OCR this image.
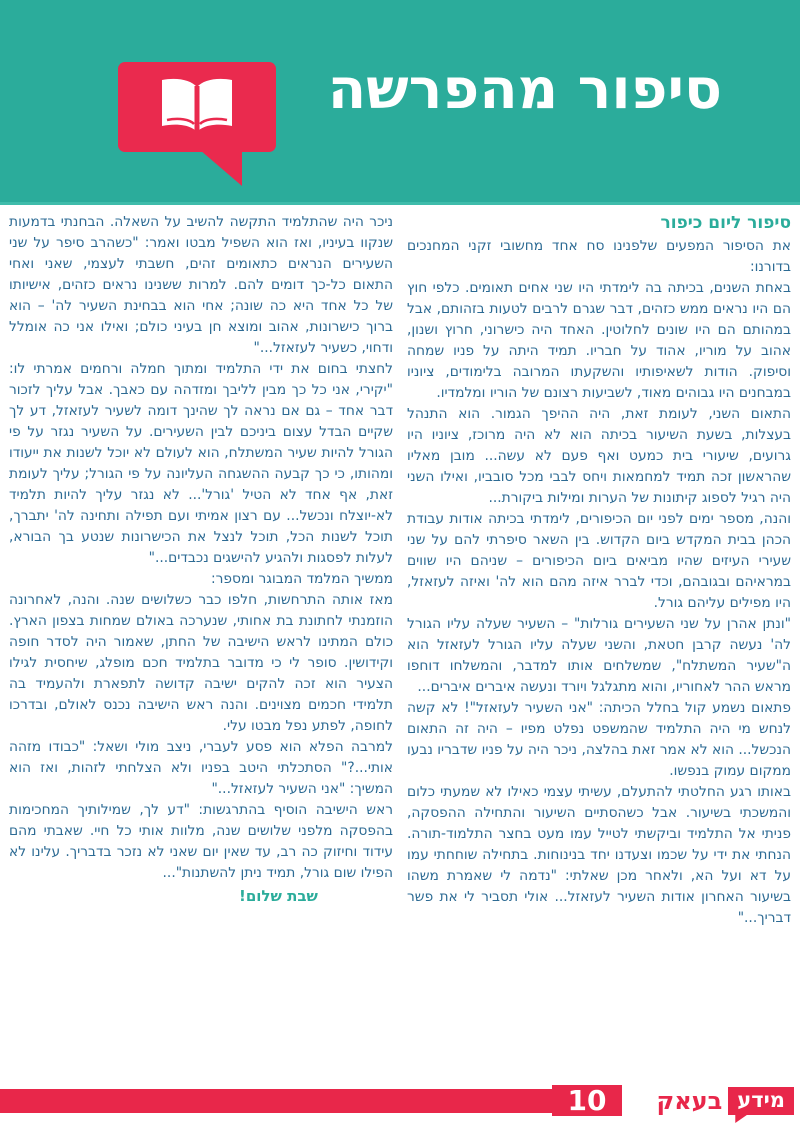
סיפור מהפרשה
סיפור ליום כיפור

את הסיפור המפעים שלפנינו סח אחד מחשובי זקני המחנכים בדורנו:

באחת השנים, בכיתה בה לימדתי היו שני אחים תאומים. כלפי חוץ הם היו נראים ממש כזהים, דבר שגרם לרבים לטעות בזהותם, אבל במהותם הם היו שונים לחלוטין. האחד היה כישרוני, חרוץ ושנון, אהוב על מוריו, אהוד על חבריו. תמיד היתה על פניו שמחה וסיפוק. הודות לשאיפותיו והשקעתו המרובה בלימודים, ציוניו במבחנים היו גבוהים מאוד, לשביעות רצונם של הוריו ומלמדיו.

התאום השני, לעומת זאת, היה ההיפך הגמור. הוא התנהל בעצלות, בשעת השיעור בכיתה הוא לא היה מרוכז, ציוניו היו גרועים, שיעורי בית כמעט ואף פעם לא עשה... מובן מאליו שהראשון זכה תמיד למחמאות ויחס לבבי מכל סובביו, ואילו השני היה רגיל לספוג קיתונות של הערות ומילות ביקורת...

והנה, מספר ימים לפני יום הכיפורים, לימדתי בכיתה אודות עבודת הכהן בבית המקדש ביום הקדוש. בין השאר סיפרתי להם על שני שעירי העיזים שהיו מביאים ביום הכיפורים – שניהם היו שווים במראיהם ובגובהם, וכדי לברר איזה מהם הוא לה' ואיזה לעזאזל, היו מפילים עליהם גורל.

"ונתן אהרן על שני השעירים גורלות" – השעיר שעלה עליו הגורל לה' נעשה קרבן חטאת, והשני שעלה עליו הגורל לעזאזל הוא ה"שעיר המשתלח", שמשלחים אותו למדבר, והמשלחו דוחפו מראש ההר לאחוריו, והוא מתגלגל ויורד ונעשה איברים איברים...

פתאום נשמע קול בחלל הכיתה: "אני השעיר לעזאזל"! לא קשה לנחש מי היה התלמיד שהמשפט נפלט מפיו – היה זה התאום הנכשל... הוא לא אמר זאת בהלצה, ניכר היה על פניו שדבריו נבעו ממקום עמוק בנפשו.

באותו רגע החלטתי להתעלם, עשיתי עצמי כאילו לא שמעתי כלום והמשכתי בשיעור. אבל כשהסתיים השיעור והתחילה ההפסקה, פניתי אל התלמיד וביקשתי לטייל עמו מעט בחצר התלמוד-תורה. הנחתי את ידי על שכמו וצעדנו יחד בנינוחות. בתחילה שוחחתי עמו על דא ועל הא, ולאחר מכן שאלתי: "נדמה לי שאמרת משהו בשיעור האחרון אודות השעיר לעזאזל... אולי תסביר לי את פשר דבריך..."

ניכר היה שהתלמיד התקשה להשיב על השאלה. הבחנתי בדמעות שנקוו בעיניו, ואז הוא השפיל מבטו ואמר: "כשהרב סיפר על שני השעירים הנראים כתאומים זהים, חשבתי לעצמי, שאני ואחי התאום כל-כך דומים להם. למרות ששנינו נראים כזהים, אישיותו של כל אחד היא כה שונה; אחי הוא בבחינת השעיר לה' – הוא ברוך כישרונות, אהוב ומוצא חן בעיני כולם; ואילו אני כה אומלל ודחוי, כשעיר לעזאזל..."

לחצתי בחום את ידי התלמיד ומתוך חמלה ורחמים אמרתי לו: "יקירי, אני כל כך מבין לליבך ומזדהה עם כאבך. אבל עליך לזכור דבר אחד – גם אם נראה לך שהינך דומה לשעיר לעזאזל, דע לך שקיים הבדל עצום ביניכם לבין השעירים. על השעיר נגזר על פי הגורל להיות שעיר המשתלח, הוא לעולם לא יוכל לשנות את ייעודו ומהותו, כי כך קבעה ההשגחה העליונה על פי הגורל; עליך לעומת זאת, אף אחד לא הטיל 'גורל'... לא נגזר עליך להיות תלמיד לא-יוצלח ונכשל... עם רצון אמיתי ועם תפילה ותחינה לה' יתברך, תוכל לשנות הכל, תוכל לנצל את הכישרונות שנטע בך הבורא, לעלות לפסגות ולהגיע להישגים נכבדים..."

ממשיך המלמד המבוגר ומספר:

מאז אותה התרחשות, חלפו כבר כשלושים שנה. והנה, לאחרונה הוזמנתי לחתונת בת אחותי, שנערכה באולם שמחות בצפון הארץ. כולם המתינו לראש הישיבה של החתן, שאמור היה לסדר חופה וקידושין. סופר לי כי מדובר בתלמיד חכם מופלג, שיחסית לגילו הצעיר הוא זכה להקים ישיבה קדושה לתפארת ולהעמיד בה תלמידי חכמים מצוינים. והנה ראש הישיבה נכנס לאולם, ובדרכו לחופה, לפתע נפל מבטו עלי.

למרבה הפלא הוא פסע לעברי, ניצב מולי ושאל: "כבודו מזהה אותי...?" הסתכלתי היטב בפניו ולא הצלחתי לזהות, ואז הוא המשיך: "אני השעיר לעזאזל..."

ראש הישיבה הוסיף בהתרגשות: "דע לך, שמילותיך המחכימות בהפסקה מלפני שלושים שנה, מלוות אותי כל חיי. שאבתי מהם עידוד וחיזוק כה רב, עד שאין יום שאני לא נזכר בדבריך. עלינו לא הפילו שום גורל, תמיד ניתן להשתנות"...

שבת שלום!

10	מידע
בעאק
